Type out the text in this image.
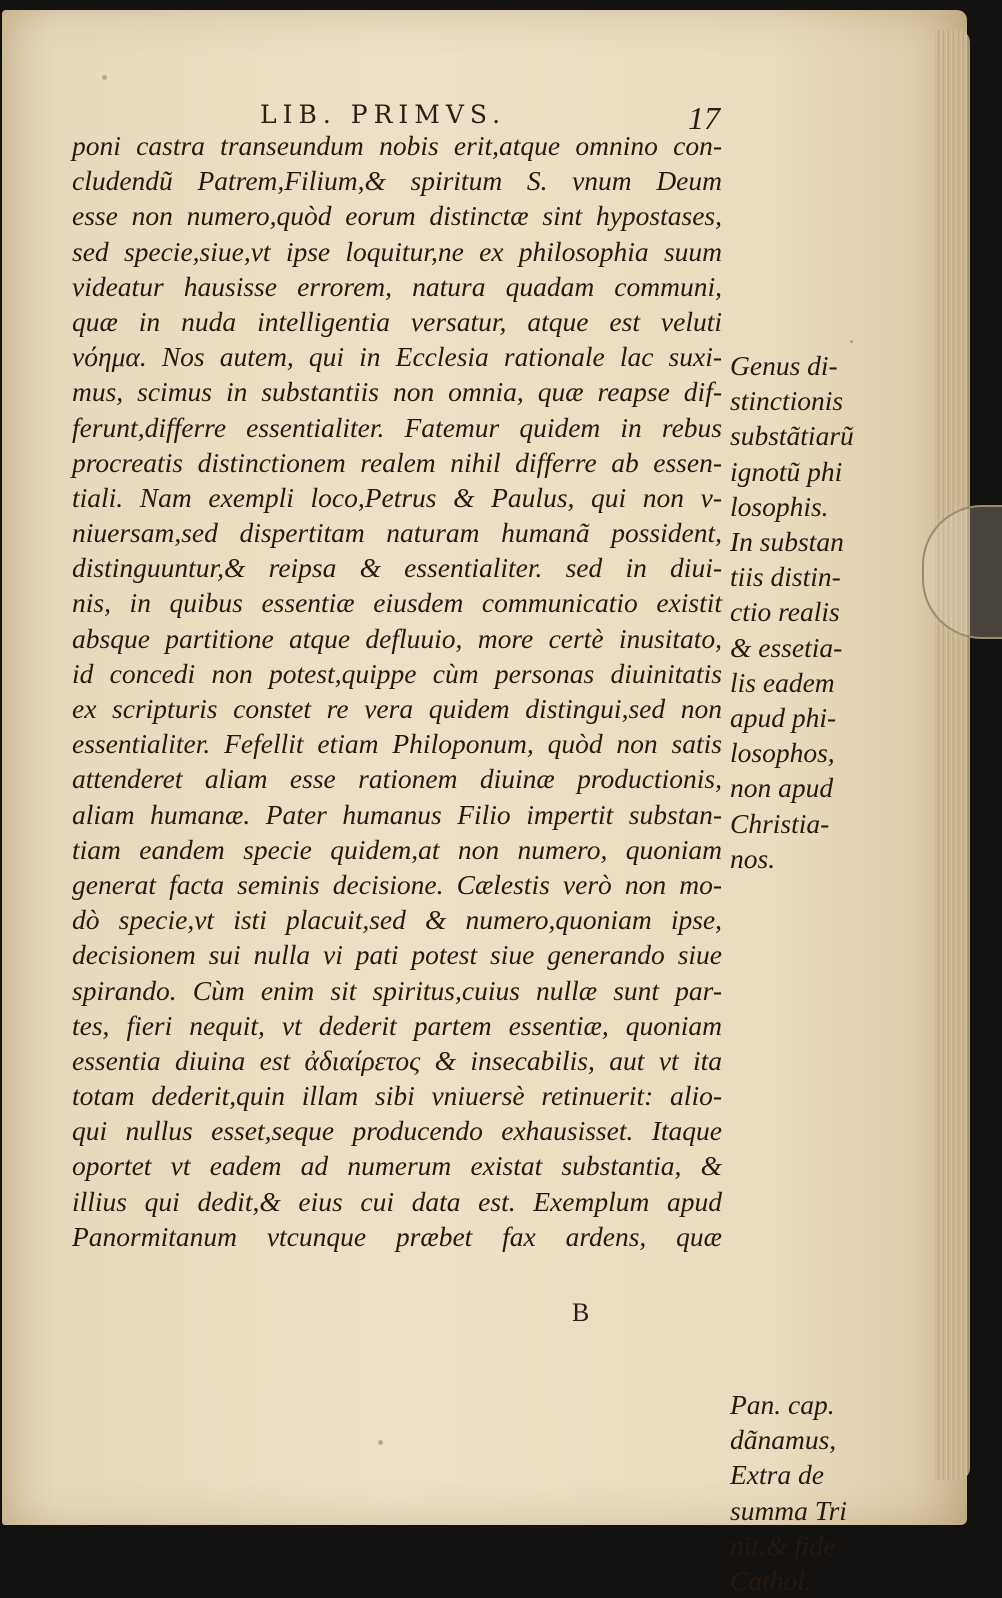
LIB. PRIMVS.	17
poni castra transeundum nobis erit,atque omnino con-
cludendũ Patrem,Filium,& spiritum S. vnum Deum
esse non numero,quòd eorum distinctæ sint hypostases,
sed specie,siue,vt ipse loquitur,ne ex philosophia suum
videatur hausisse errorem, natura quadam communi,
quæ in nuda intelligentia versatur, atque est veluti
νόημα. Nos autem, qui in Ecclesia rationale lac suxi-
mus, scimus in substantiis non omnia, quæ reapse dif-
ferunt,differre essentialiter. Fatemur quidem in rebus
procreatis distinctionem realem nihil differre ab essen-
tiali. Nam exempli loco,Petrus & Paulus, qui non v-
niuersam,sed dispertitam naturam humanã possident,
distinguuntur,& reipsa & essentialiter. sed in diui-
nis, in quibus essentiæ eiusdem communicatio existit
absque partitione atque defluuio, more certè inusitato,
id concedi non potest,quippe cùm personas diuinitatis
ex scripturis constet re vera quidem distingui,sed non
essentialiter. Fefellit etiam Philoponum, quòd non satis
attenderet aliam esse rationem diuinæ productionis,
aliam humanæ. Pater humanus Filio impertit substan-
tiam eandem specie quidem,at non numero, quoniam
generat facta seminis decisione. Cælestis verò non mo-
dò specie,vt isti placuit,sed & numero,quoniam ipse,
decisionem sui nulla vi pati potest siue generando siue
spirando. Cùm enim sit spiritus,cuius nullæ sunt par-
tes, fieri nequit, vt dederit partem essentiæ, quoniam
essentia diuina est ἀδιαίρετος & insecabilis, aut vt ita
totam dederit,quin illam sibi vniuersè retinuerit: alio-
qui nullus esset,seque producendo exhausisset. Itaque
oportet vt eadem ad numerum existat substantia, &
illius qui dedit,& eius cui data est. Exemplum apud
Panormitanum vtcunque præbet fax ardens, quæ
Genus di-
stinctionis
substãtiarũ
ignotũ phi
losophis.
In substan
tiis distin-
ctio realis
& essetia-
lis eadem
apud phi-
losophos,
non apud
Christia-
nos.
Pan. cap.
dãnamus,
Extra de
summa Tri
nit.& fide
Cathol.
B
